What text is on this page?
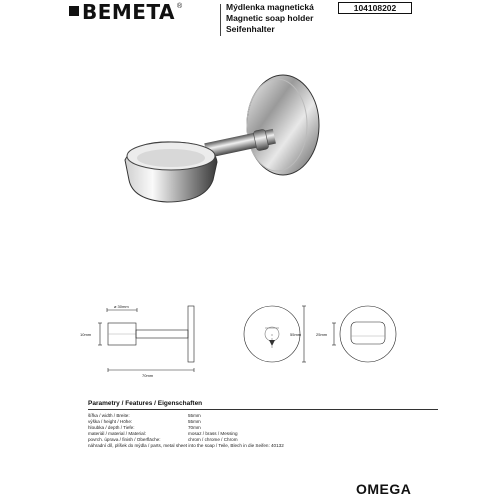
BEMETA ®	Mýdlenka magnetická
Magnetic soap holder
Seifenhalter
104108202
ø 30mm
10mm
70mm
55mm	25mm
Parametry / Features / Eigenschaften
šířka / width / Breite:	55mm
výška / height / Höhe:	55mm
hloubka / depth / Tiefe:	70mm
materiál / material / Material:	mosaz / brass / Messing
povrch. úprava / finish / Oberfläche:	chrom / chrome / Chrom
náhradní díl, plíšek do mýdla / parts, metal sheet into the soap / Teile, Blech in die Seifen: 40132
OMEGA
